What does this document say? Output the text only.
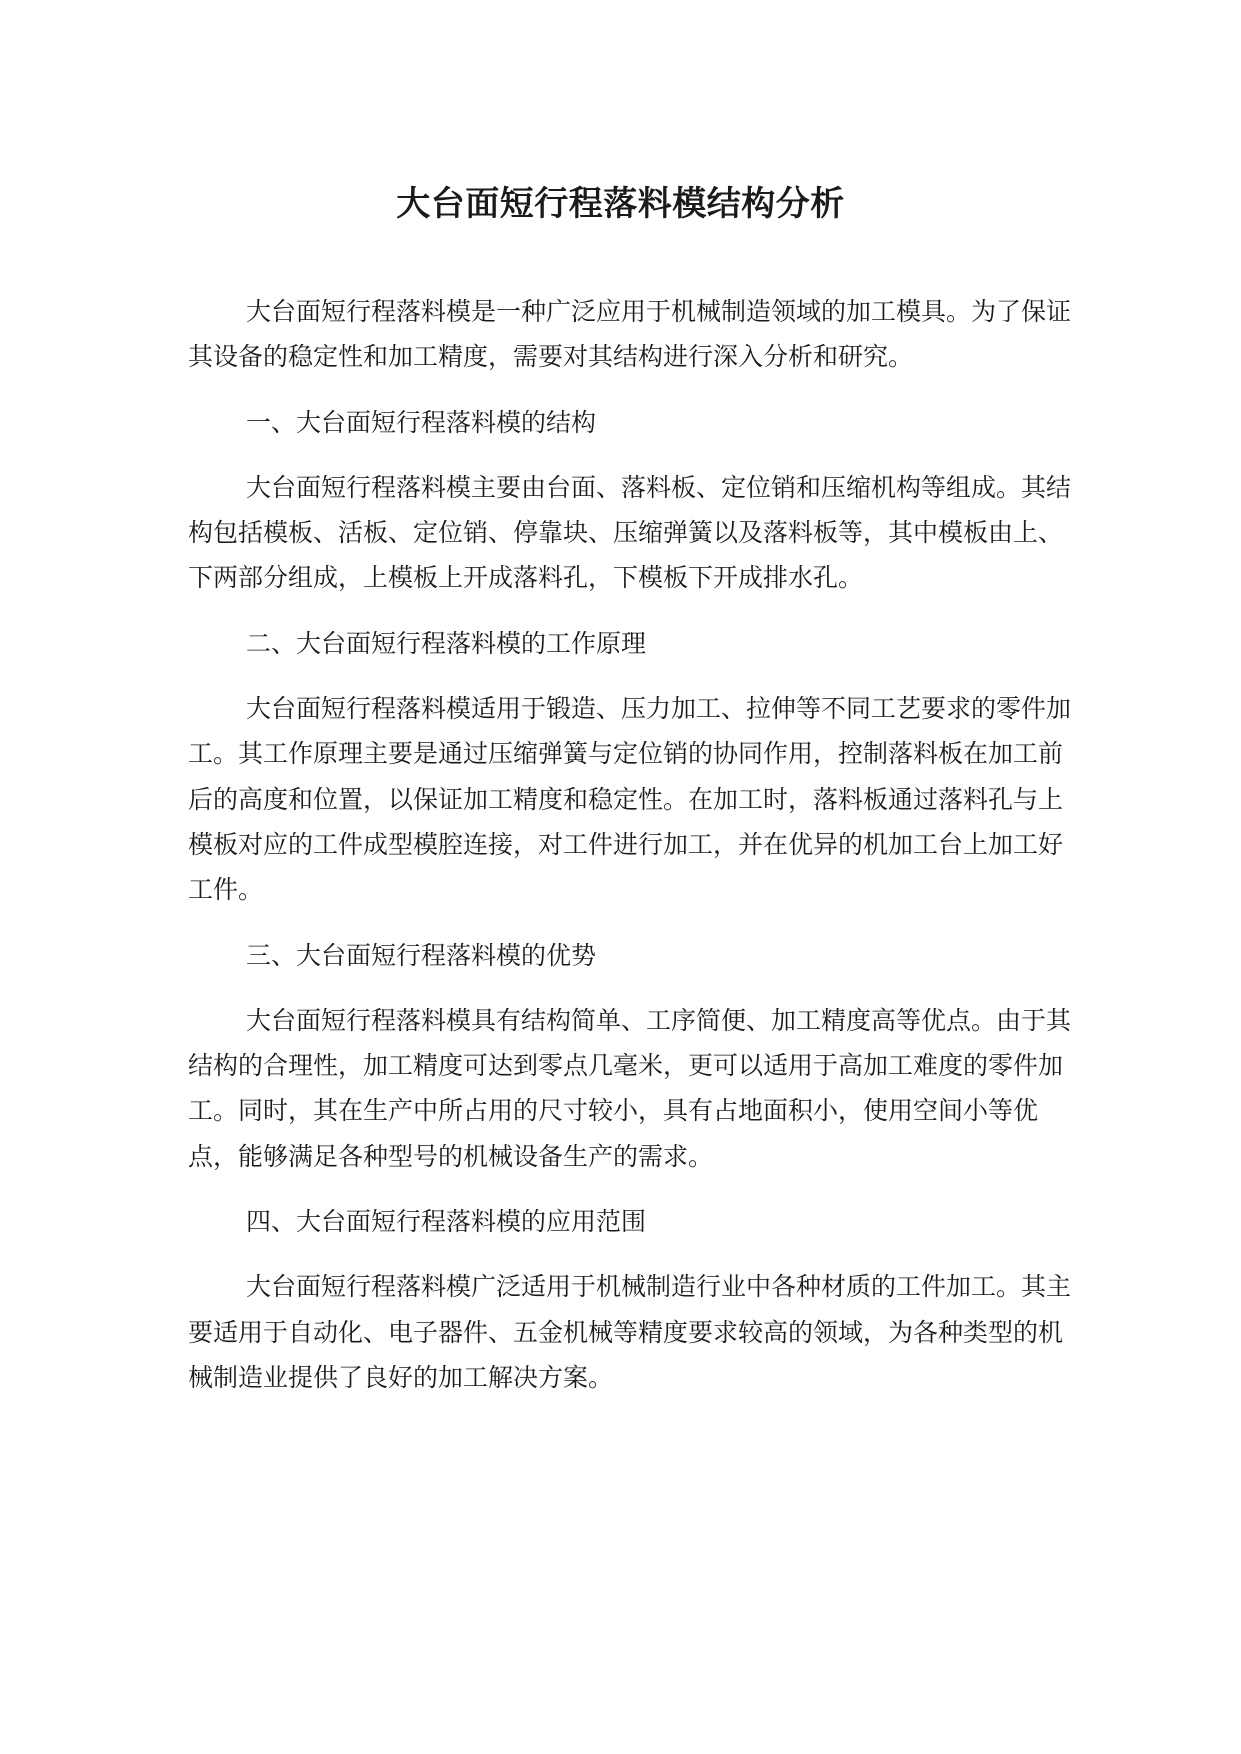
大台面短行程落料模结构分析

大台面短行程落料模是一种广泛应用于机械制造领域的加工模具。为了保证其设备的稳定性和加工精度，需要对其结构进行深入分析和研究。

一、大台面短行程落料模的结构

大台面短行程落料模主要由台面、落料板、定位销和压缩机构等组成。其结构包括模板、活板、定位销、停靠块、压缩弹簧以及落料板等，其中模板由上、下两部分组成，上模板上开成落料孔，下模板下开成排水孔。

二、大台面短行程落料模的工作原理

大台面短行程落料模适用于锻造、压力加工、拉伸等不同工艺要求的零件加工。其工作原理主要是通过压缩弹簧与定位销的协同作用，控制落料板在加工前后的高度和位置，以保证加工精度和稳定性。在加工时，落料板通过落料孔与上模板对应的工件成型模腔连接，对工件进行加工，并在优异的机加工台上加工好工件。

三、大台面短行程落料模的优势

大台面短行程落料模具有结构简单、工序简便、加工精度高等优点。由于其结构的合理性，加工精度可达到零点几毫米，更可以适用于高加工难度的零件加工。同时，其在生产中所占用的尺寸较小，具有占地面积小，使用空间小等优点，能够满足各种型号的机械设备生产的需求。

四、大台面短行程落料模的应用范围

大台面短行程落料模广泛适用于机械制造行业中各种材质的工件加工。其主要适用于自动化、电子器件、五金机械等精度要求较高的领域，为各种类型的机械制造业提供了良好的加工解决方案。
